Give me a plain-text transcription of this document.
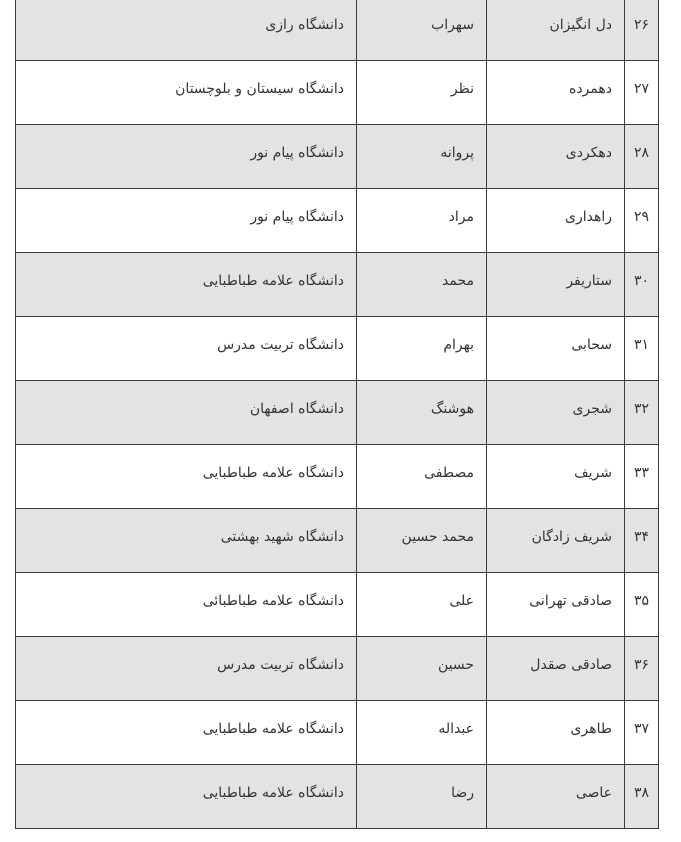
۲۶	دل انگیزان	سهراب	دانشگاه رازی
۲۷	دهمرده	نظر	دانشگاه سیستان و بلوچستان
۲۸	دهکردی	پروانه	دانشگاه پیام نور
۲۹	راهداری	مراد	دانشگاه پیام نور
۳۰	ستاریفر	محمد	دانشگاه علامه طباطبایی
۳۱	سحابی	بهرام	دانشگاه تربیت مدرس
۳۲	شجری	هوشنگ	دانشگاه اصفهان
۳۳	شریف	مصطفی	دانشگاه علامه طباطبایی
۳۴	شریف زادگان	محمد حسین	دانشگاه شهید بهشتی
۳۵	صادقی تهرانی	علی	دانشگاه علامه طباطبائی
۳۶	صادقی صقدل	حسین	دانشگاه تربیت مدرس
۳۷	طاهری	عبداله	دانشگاه علامه طباطبایی
۳۸	عاصی	رضا	دانشگاه علامه طباطبایی
